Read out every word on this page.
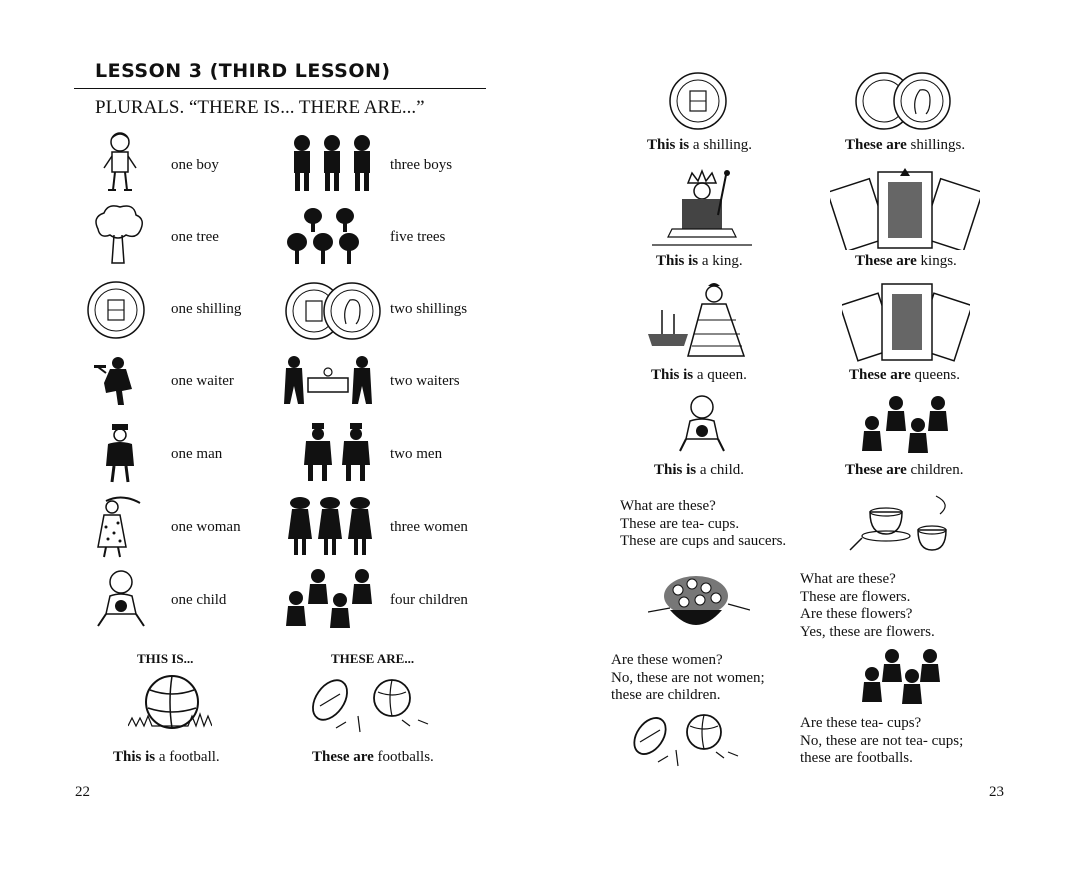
LESSON 3 (THIRD LESSON)
PLURALS. “THERE IS... THERE ARE...”
one boy	three boys
one tree	five trees
one shilling	two shillings
one waiter	two waiters
one man	two men
one woman	three women
one child	four children
THIS IS...	THESE ARE...
This is a football.	These are footballs.
22
This is a shilling.	These are shillings.
This is a king.	These are kings.
This is a queen.	These are queens.
This is a child.	These are children.
What are these?
These are tea- cups.
These are cups and saucers.
What are these?
These are flowers.
Are these flowers?
Yes, these are flowers.
Are these women?
No, these are not women;
these are children.
Are these tea- cups?
No, these are not tea- cups;
these are footballs.
23
